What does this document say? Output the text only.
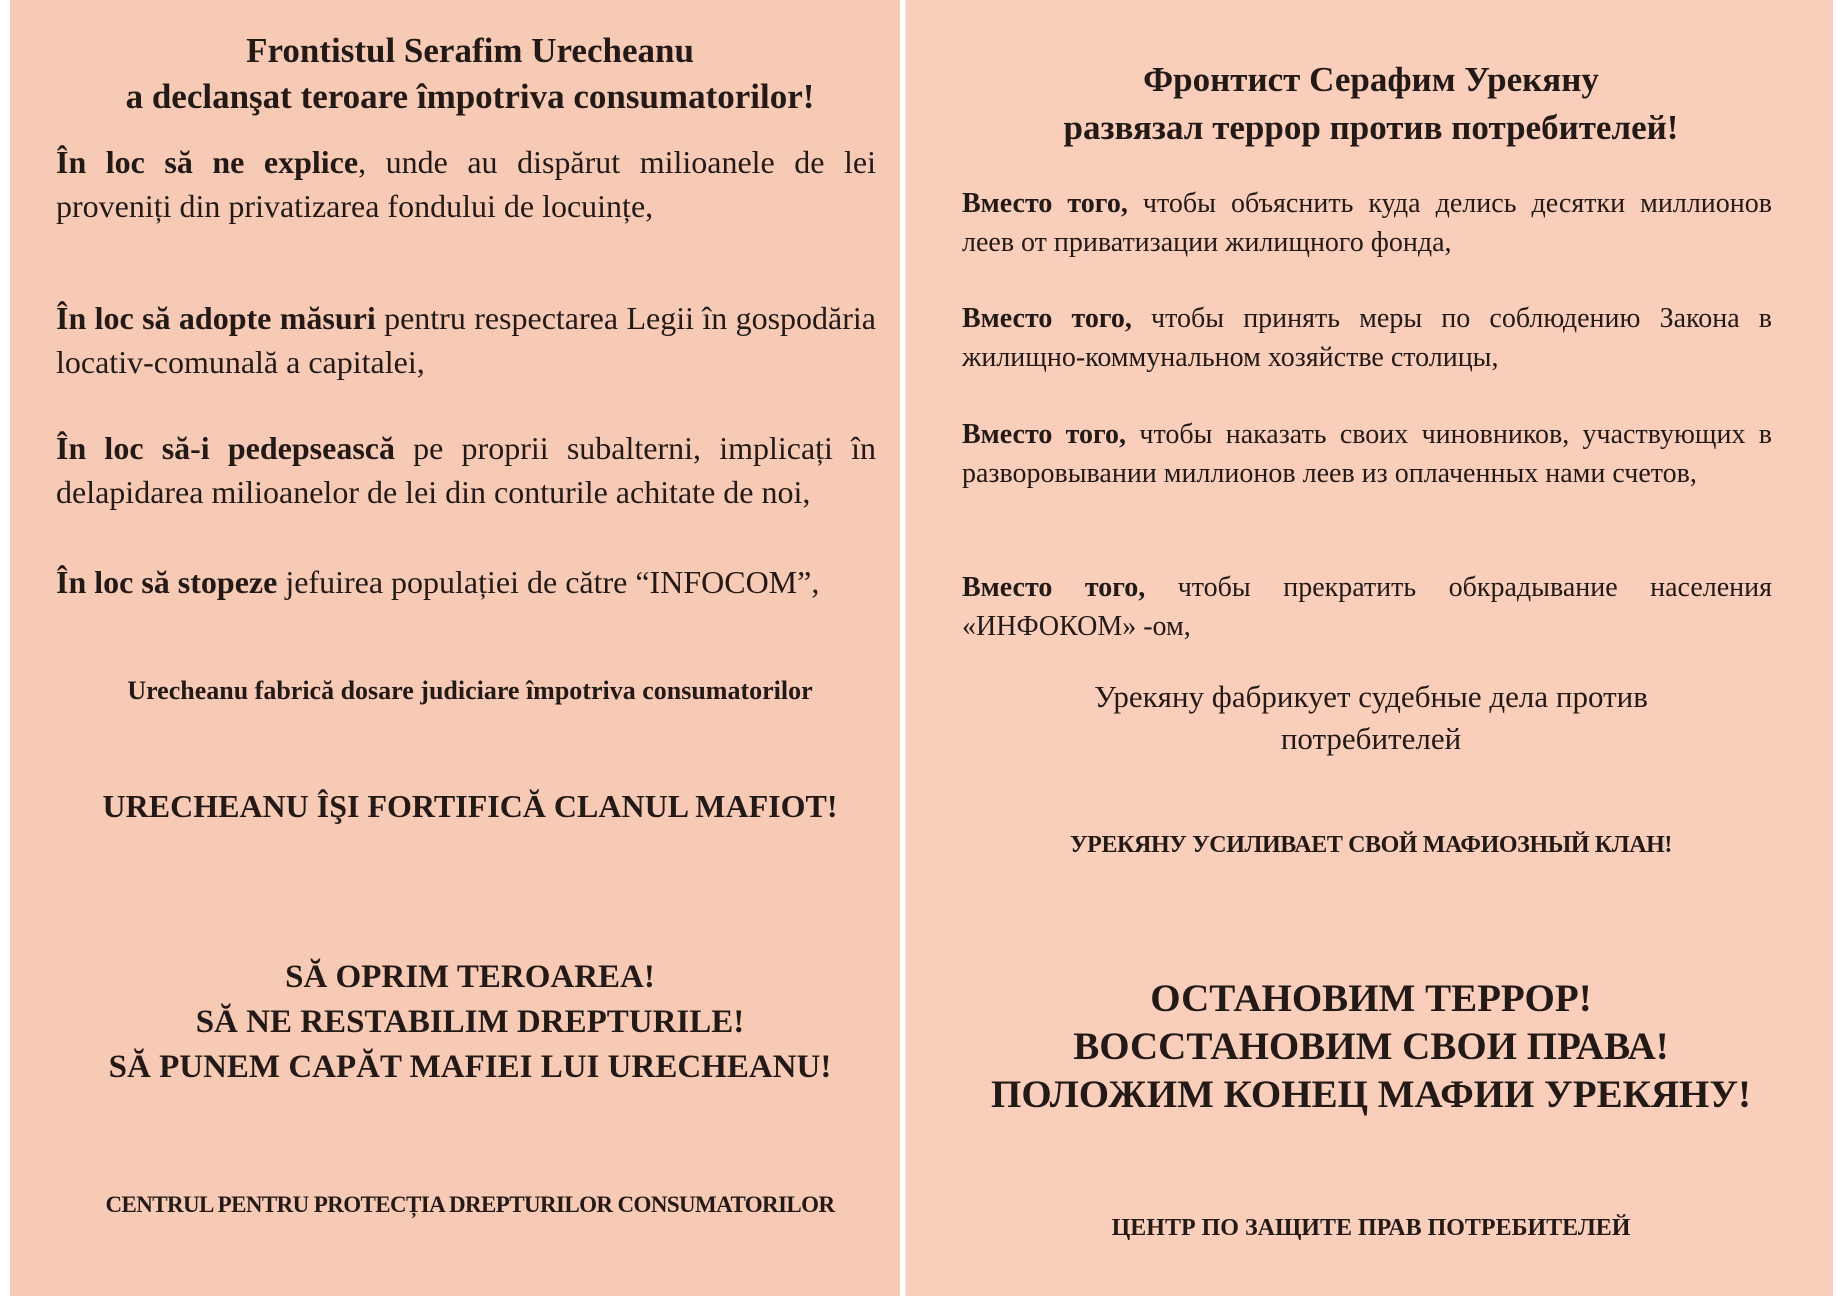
Frontistul Serafim Urecheanu
a declanşat teroare împotriva consumatorilor!
În loc să ne explice, unde au dispărut milioanele de lei proveniți din privatizarea fondului de locuințe,
În loc să adopte măsuri pentru respectarea Legii în gospodăria locativ-comunală a capitalei,
În loc să-i pedepsească pe proprii subalterni, implicați în delapidarea milioanelor de lei din conturile achitate de noi,
În loc să stopeze jefuirea populației de către “INFOCOM”,
Urecheanu fabrică dosare judiciare împotriva consumatorilor
URECHEANU ÎŞI FORTIFICĂ CLANUL MAFIOT!
SĂ OPRIM TEROAREA!
SĂ NE RESTABILIM DREPTURILE!
SĂ PUNEM CAPĂT MAFIEI LUI URECHEANU!
CENTRUL PENTRU PROTECȚIA DREPTURILOR CONSUMATORILOR
Фронтист Серафим Урекяну
развязал террор против потребителей!
Вместо того, чтобы объяснить куда делись десятки миллионов леев от приватизации жилищного фонда,
Вместо того, чтобы принять меры по соблюдению Закона в жилищно-коммунальном хозяйстве столицы,
Вместо того, чтобы наказать своих чиновников, участвующих в разворовывании миллионов леев из оплаченных нами счетов,
Вместо того, чтобы прекратить обкрадывание населения «ИНФОКОМ» -ом,
Урекяну фабрикует судебные дела против
потребителей
УРЕКЯНУ УСИЛИВАЕТ СВОЙ МАФИОЗНЫЙ КЛАН!
ОСТАНОВИМ ТЕРРОР!
ВОССТАНОВИМ СВОИ ПРАВА!
ПОЛОЖИМ КОНЕЦ МАФИИ УРЕКЯНУ!
ЦЕНТР ПО ЗАЩИТЕ ПРАВ ПОТРЕБИТЕЛЕЙ
